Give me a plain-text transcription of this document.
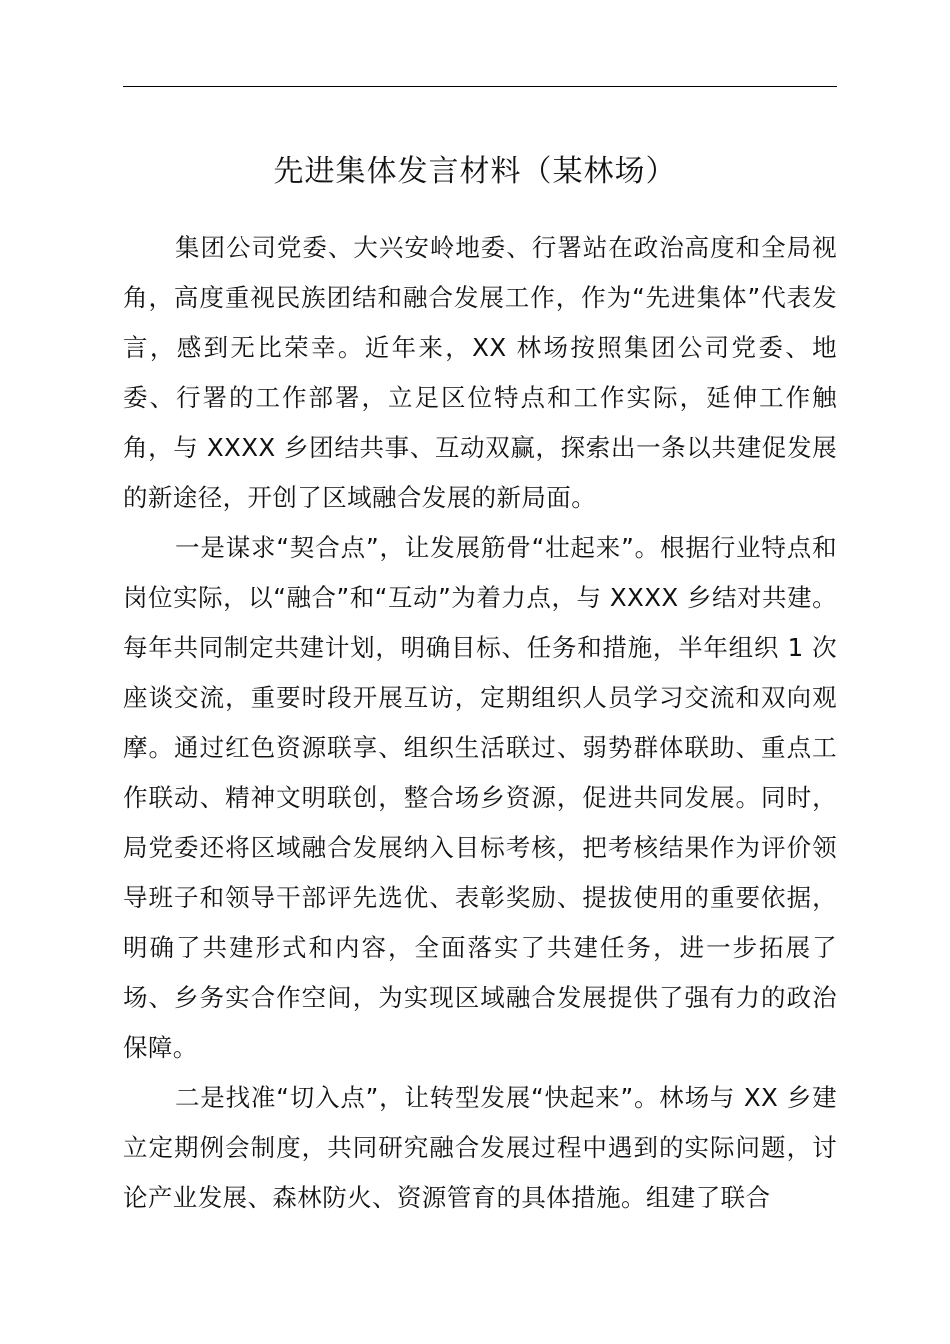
先进集体发言材料（某林场）

集团公司党委、大兴安岭地委、行署站在政治高度和全局视角，高度重视民族团结和融合发展工作，作为“先进集体”代表发言，感到无比荣幸。近年来，XX 林场按照集团公司党委、地委、行署的工作部署，立足区位特点和工作实际，延伸工作触角，与 XXXX 乡团结共事、互动双赢，探索出一条以共建促发展的新途径，开创了区域融合发展的新局面。

一是谋求“契合点”，让发展筋骨“壮起来”。根据行业特点和岗位实际，以“融合”和“互动”为着力点，与 XXXX 乡结对共建。每年共同制定共建计划，明确目标、任务和措施，半年组织 1 次座谈交流，重要时段开展互访，定期组织人员学习交流和双向观摩。通过红色资源联享、组织生活联过、弱势群体联助、重点工作联动、精神文明联创，整合场乡资源，促进共同发展。同时，局党委还将区域融合发展纳入目标考核，把考核结果作为评价领导班子和领导干部评先选优、表彰奖励、提拔使用的重要依据，明确了共建形式和内容，全面落实了共建任务，进一步拓展了场、乡务实合作空间，为实现区域融合发展提供了强有力的政治保障。

二是找准“切入点”，让转型发展“快起来”。林场与 XX 乡建立定期例会制度，共同研究融合发展过程中遇到的实际问题，讨论产业发展、森林防火、资源管育的具体措施。组建了联合
